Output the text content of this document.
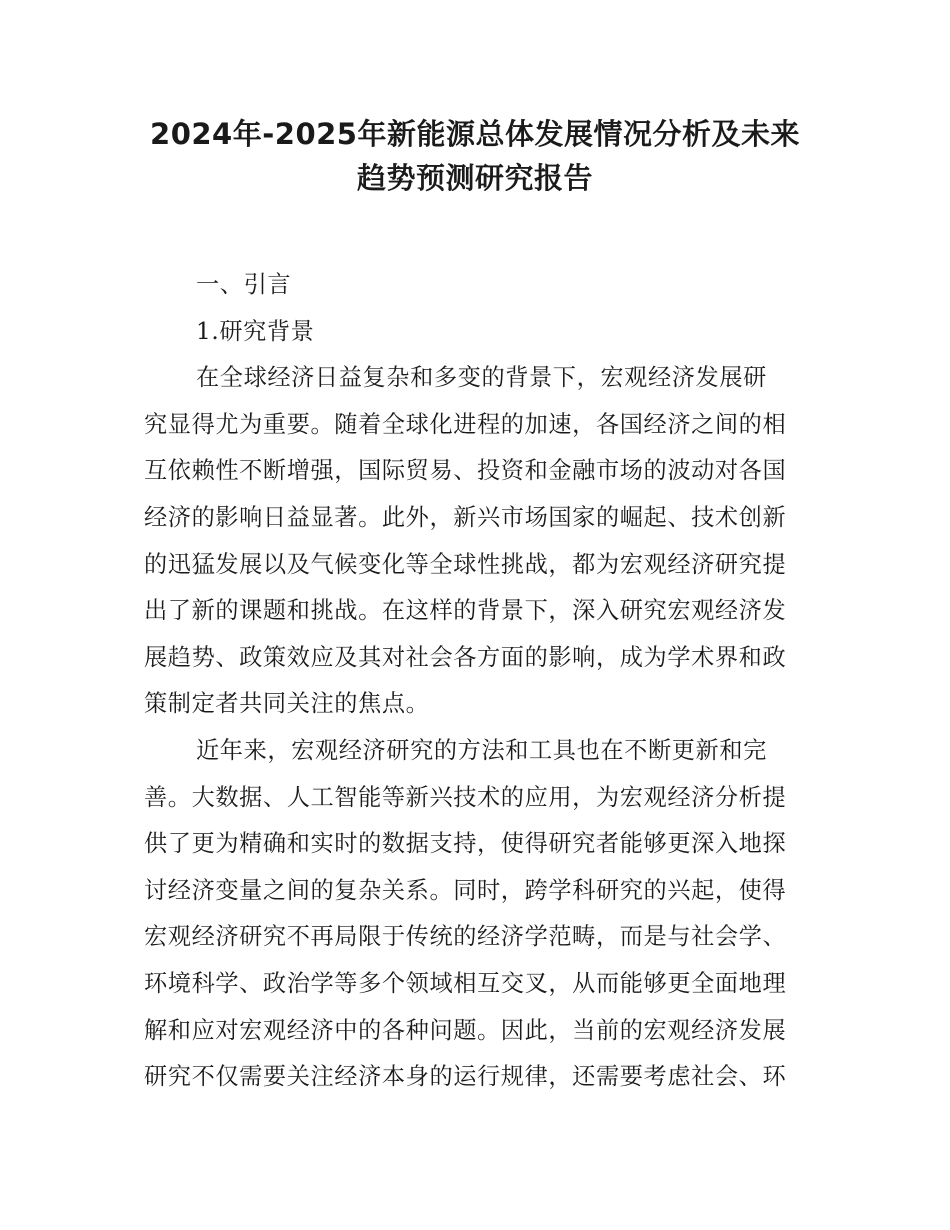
2024年-2025年新能源总体发展情况分析及未来
趋势预测研究报告
一、引言
1.研究背景

在全球经济日益复杂和多变的背景下，宏观经济发展研
究显得尤为重要。随着全球化进程的加速，各国经济之间的相
互依赖性不断增强，国际贸易、投资和金融市场的波动对各国
经济的影响日益显著。此外，新兴市场国家的崛起、技术创新
的迅猛发展以及气候变化等全球性挑战，都为宏观经济研究提
出了新的课题和挑战。在这样的背景下，深入研究宏观经济发
展趋势、政策效应及其对社会各方面的影响，成为学术界和政
策制定者共同关注的焦点。

近年来，宏观经济研究的方法和工具也在不断更新和完
善。大数据、人工智能等新兴技术的应用，为宏观经济分析提
供了更为精确和实时的数据支持，使得研究者能够更深入地探
讨经济变量之间的复杂关系。同时，跨学科研究的兴起，使得
宏观经济研究不再局限于传统的经济学范畴，而是与社会学、
环境科学、政治学等多个领域相互交叉，从而能够更全面地理
解和应对宏观经济中的各种问题。因此，当前的宏观经济发展
研究不仅需要关注经济本身的运行规律，还需要考虑社会、环
